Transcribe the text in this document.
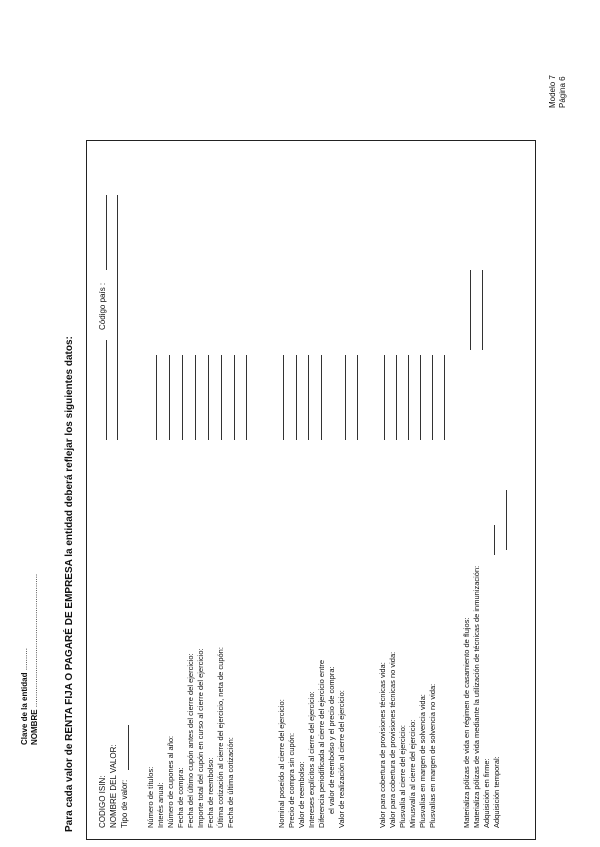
Clave de la entidad ..........
NOMBRE ............................................................
Modelo 7 Página 6
Para cada valor de RENTA FIJA O PAGARÉ DE EMPRESA la entidad deberá reflejar los siguientes datos:	CODIGO ISIN: NOMBRE DEL VALOR: Tipo de valor:
Código país :
Número de títulos: Interés anual: Número de cupones al año: Fecha de compra: Fecha del último cupón antes del cierre del ejercicio: Importe total del cupón en curso al cierre del ejercicio: Fecha de reembolso: Última cotización al cierre del ejercicio, neta de cupón: Fecha de última cotización:	Nominal poseído al cierre del ejercicio: Precio de compra sin cupón: Valor de reembolso: Intereses explícitos al cierre del ejercicio: Diferencia periodificada al cierre del ejercicio entre el valor de reembolso y el precio de compra: Valor de realización al cierre del ejercicio:	Valor para cobertura de provisiones técnicas vida: Valor para cobertura de provisiones técnicas no vida: Plusvalía al cierre del ejercicio: Minusvalía al cierre del ejercicio: Plusvalías en margen de solvencia vida: Plusvalías en margen de solvencia no vida:	Materializa pólizas de vida en régimen de casamiento de flujos: Materializa pólizas de vida mediante la utilización de técnicas de inmunización: Adquisición en firme: Adquisición temporal:
